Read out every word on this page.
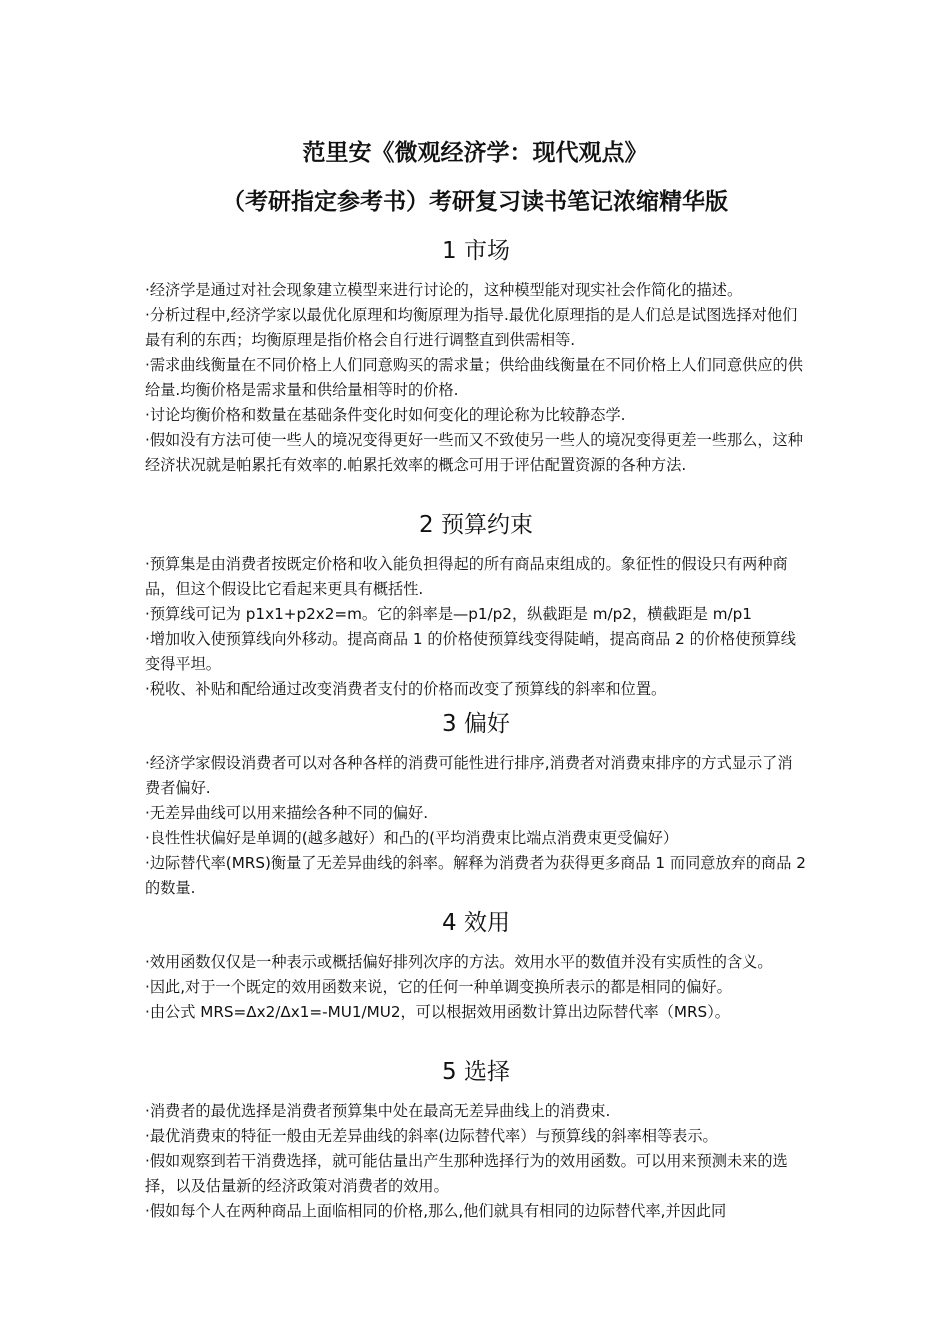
范里安《微观经济学：现代观点》
（考研指定参考书）考研复习读书笔记浓缩精华版
1 市场

·经济学是通过对社会现象建立模型来进行讨论的，这种模型能对现实社会作简化的描述。

·分析过程中,经济学家以最优化原理和均衡原理为指导.最优化原理指的是人们总是试图选择对他们最有利的东西；均衡原理是指价格会自行进行调整直到供需相等.

·需求曲线衡量在不同价格上人们同意购买的需求量；供给曲线衡量在不同价格上人们同意供应的供给量.均衡价格是需求量和供给量相等时的价格.

·讨论均衡价格和数量在基础条件变化时如何变化的理论称为比较静态学.

·假如没有方法可使一些人的境况变得更好一些而又不致使另一些人的境况变得更差一些那么，这种经济状况就是帕累托有效率的.帕累托效率的概念可用于评估配置资源的各种方法.

2 预算约束

·预算集是由消费者按既定价格和收入能负担得起的所有商品束组成的。象征性的假设只有两种商品，但这个假设比它看起来更具有概括性.

·预算线可记为 p1x1+p2x2=m。它的斜率是—p1/p2，纵截距是 m/p2，横截距是 m/p1

·增加收入使预算线向外移动。提高商品 1 的价格使预算线变得陡峭，提高商品 2 的价格使预算线变得平坦。

·税收、补贴和配给通过改变消费者支付的价格而改变了预算线的斜率和位置。

3 偏好

·经济学家假设消费者可以对各种各样的消费可能性进行排序,消费者对消费束排序的方式显示了消费者偏好.

·无差异曲线可以用来描绘各种不同的偏好.

·良性性状偏好是单调的(越多越好）和凸的(平均消费束比端点消费束更受偏好）

·边际替代率(MRS)衡量了无差异曲线的斜率。解释为消费者为获得更多商品 1 而同意放弃的商品 2 的数量.

4 效用

·效用函数仅仅是一种表示或概括偏好排列次序的方法。效用水平的数值并没有实质性的含义。

·因此,对于一个既定的效用函数来说，它的任何一种单调变换所表示的都是相同的偏好。

·由公式 MRS=Δx2/Δx1=-MU1/MU2，可以根据效用函数计算出边际替代率（MRS）。

5 选择

·消费者的最优选择是消费者预算集中处在最高无差异曲线上的消费束.

·最优消费束的特征一般由无差异曲线的斜率(边际替代率）与预算线的斜率相等表示。

·假如观察到若干消费选择，就可能估量出产生那种选择行为的效用函数。可以用来预测未来的选择，以及估量新的经济政策对消费者的效用。

·假如每个人在两种商品上面临相同的价格,那么,他们就具有相同的边际替代率,并因此同
